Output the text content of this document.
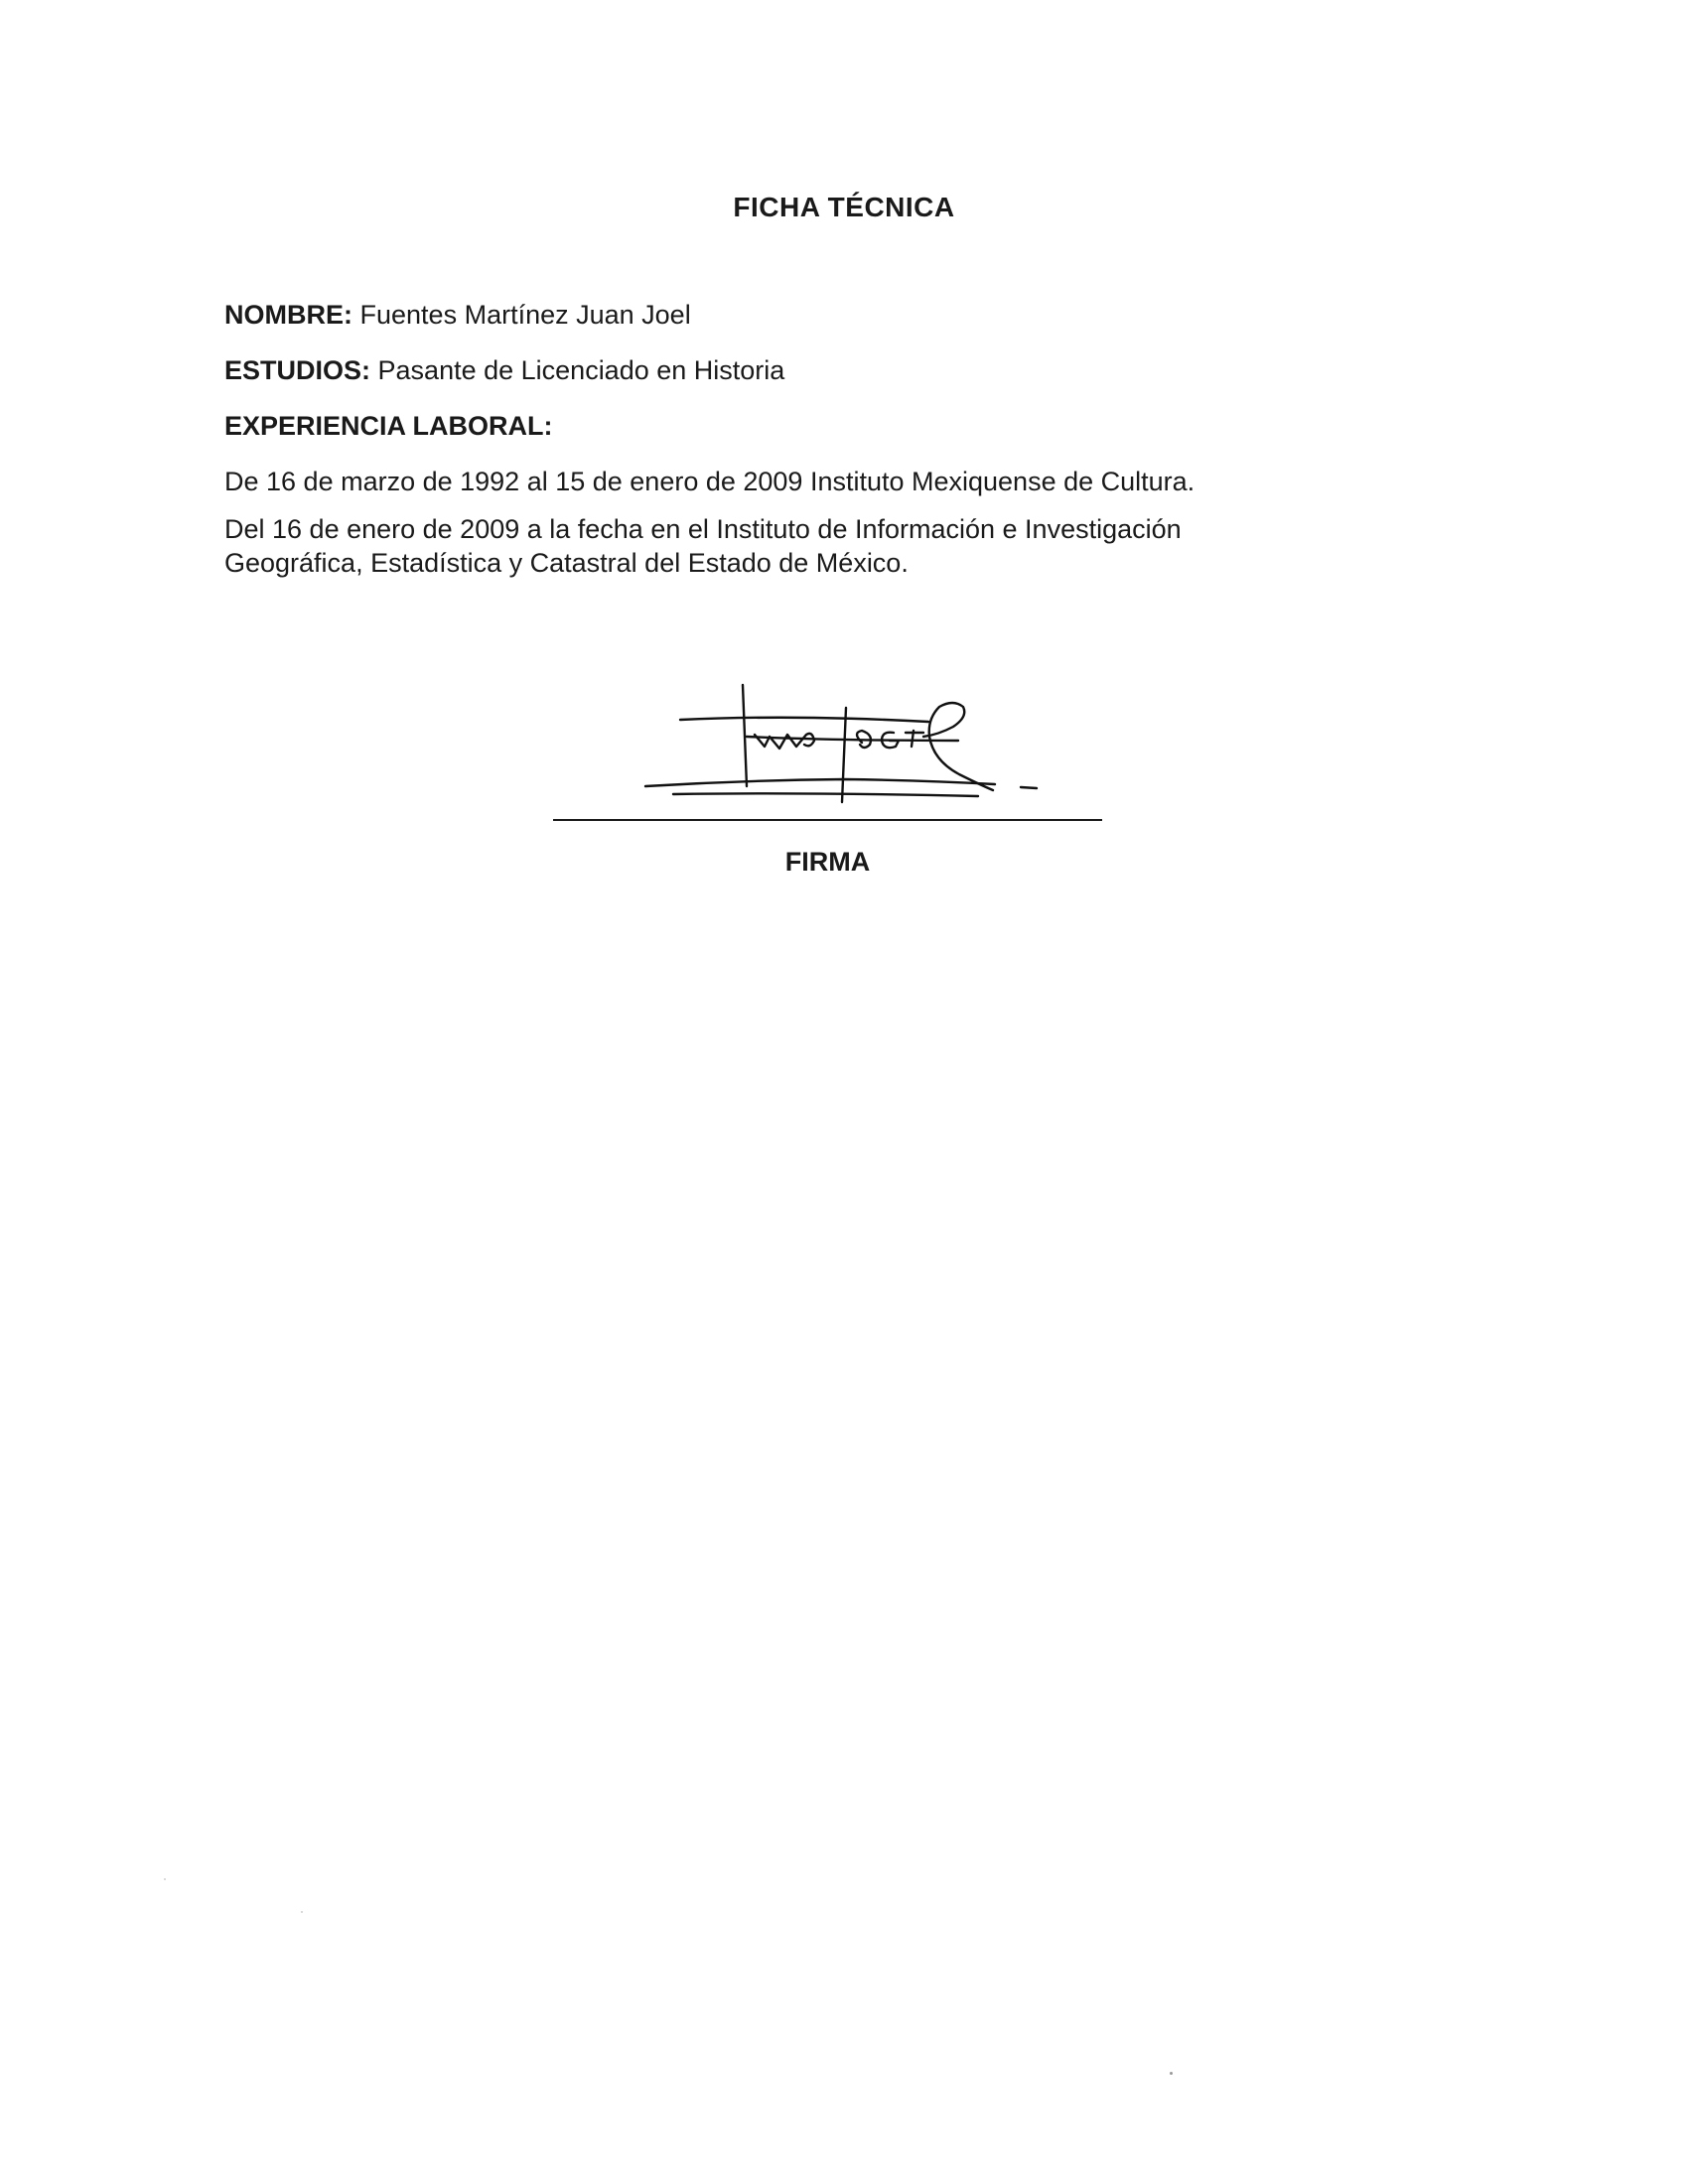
FICHA TÉCNICA
NOMBRE: Fuentes Martínez Juan Joel
ESTUDIOS: Pasante de Licenciado en Historia
EXPERIENCIA LABORAL:

De 16 de marzo de 1992 al 15 de enero de 2009 Instituto Mexiquense de Cultura.

Del 16 de enero de 2009 a la fecha en el Instituto de Información e Investigación Geográfica, Estadística y Catastral del Estado de México.

FIRMA
